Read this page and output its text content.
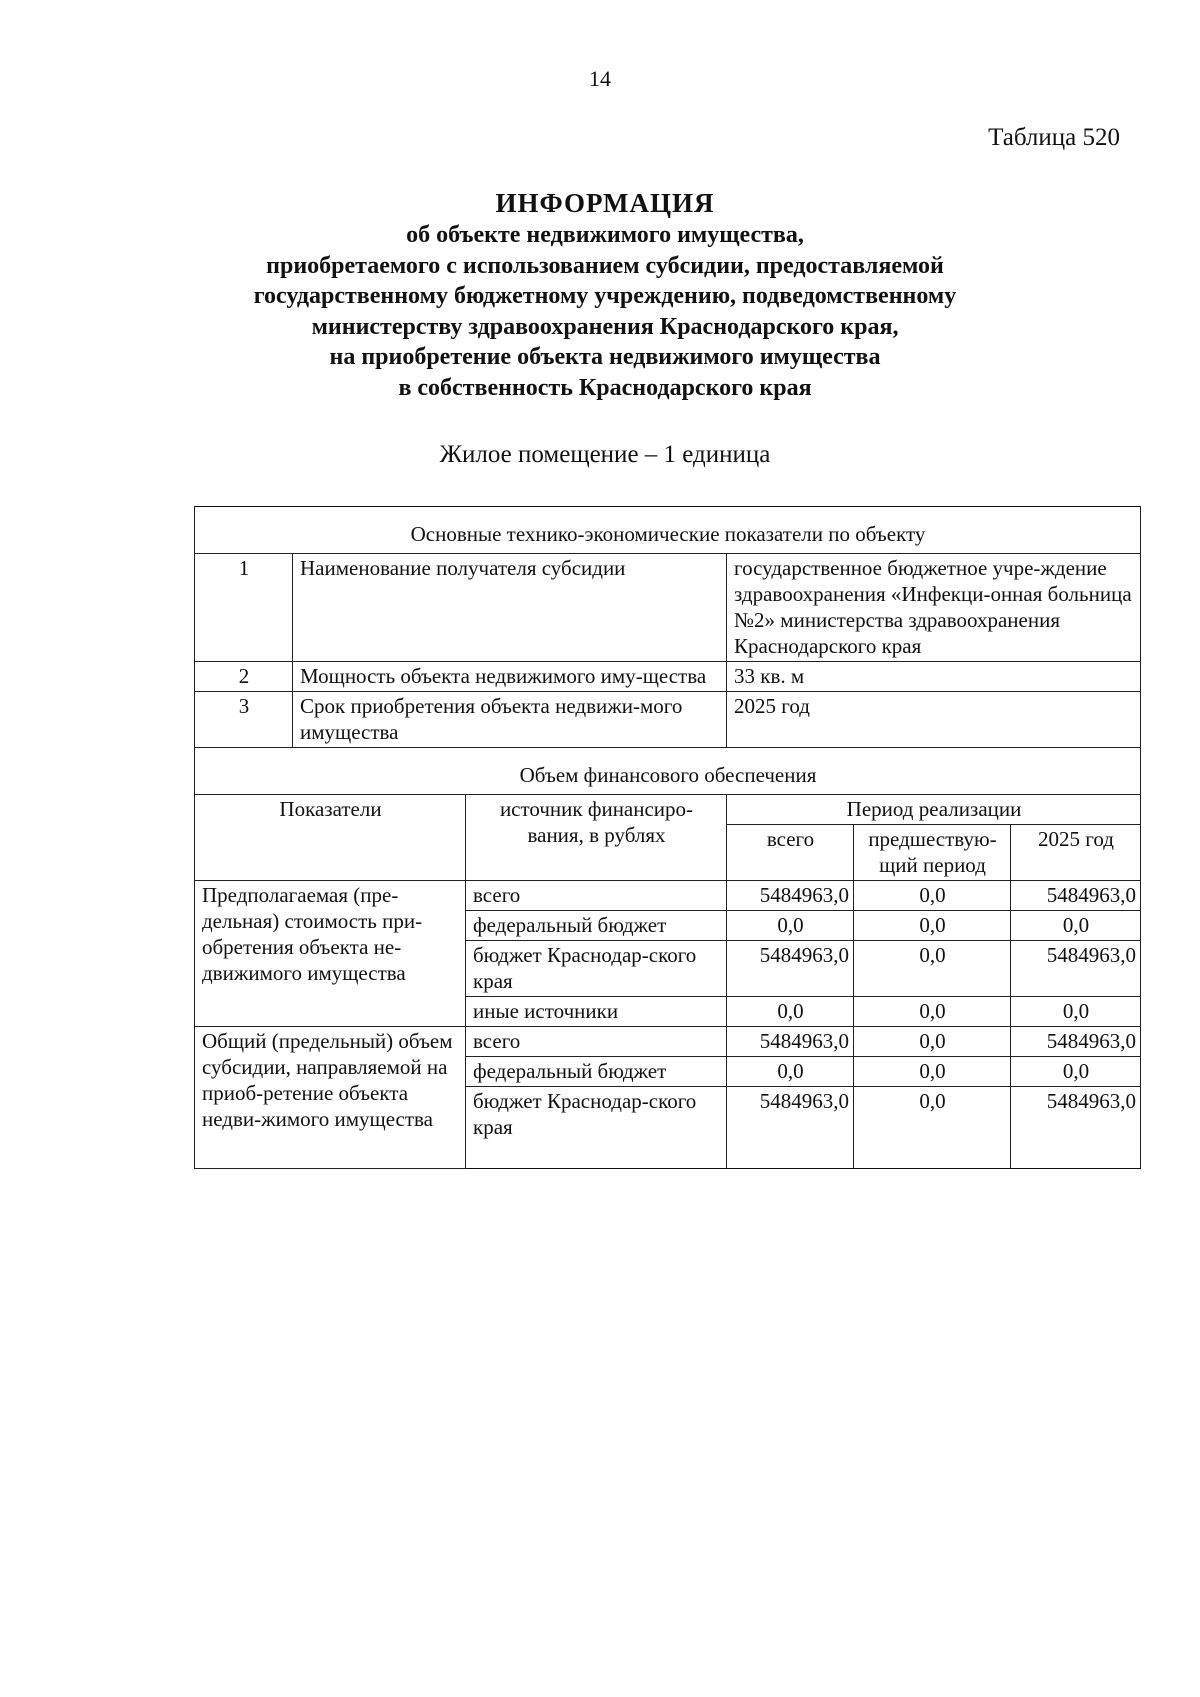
14
Таблица 520
ИНФОРМАЦИЯ
об объекте недвижимого имущества,
приобретаемого с использованием субсидии, предоставляемой
государственному бюджетному учреждению, подведомственному
министерству здравоохранения Краснодарского края,
на приобретение объекта недвижимого имущества
в собственность Краснодарского края
Жилое помещение – 1 единица
Основные технико-экономические показатели по объекту					
1	Наименование получателя субсидии		государственное бюджетное учре-ждение здравоохранения «Инфекци-онная больница №2» министерства здравоохранения Краснодарского края		
2	Мощность объекта недвижимого иму-щества		33 кв. м		
3	Срок приобретения объекта недвижи-мого имущества		2025 год		
Объем финансового обеспечения					
Показатели		источник финансиро-вания, в рублях	Период реализации		
			всего	предшествую-щий период	2025 год
Предполагаемая (пре-дельная) стоимость при-обретения объекта не-движимого имущества		всего	5484963,0	0,0	5484963,0
		федеральный бюджет	0,0	0,0	0,0
		бюджет Краснодар-ского края	5484963,0	0,0	5484963,0
		иные источники	0,0	0,0	0,0
Общий (предельный) объем субсидии, направляемой на приоб-ретение объекта недви-жимого имущества		всего	5484963,0	0,0	5484963,0
		федеральный бюджет	0,0	0,0	0,0
		бюджет Краснодар-ского края	5484963,0	0,0	5484963,0
